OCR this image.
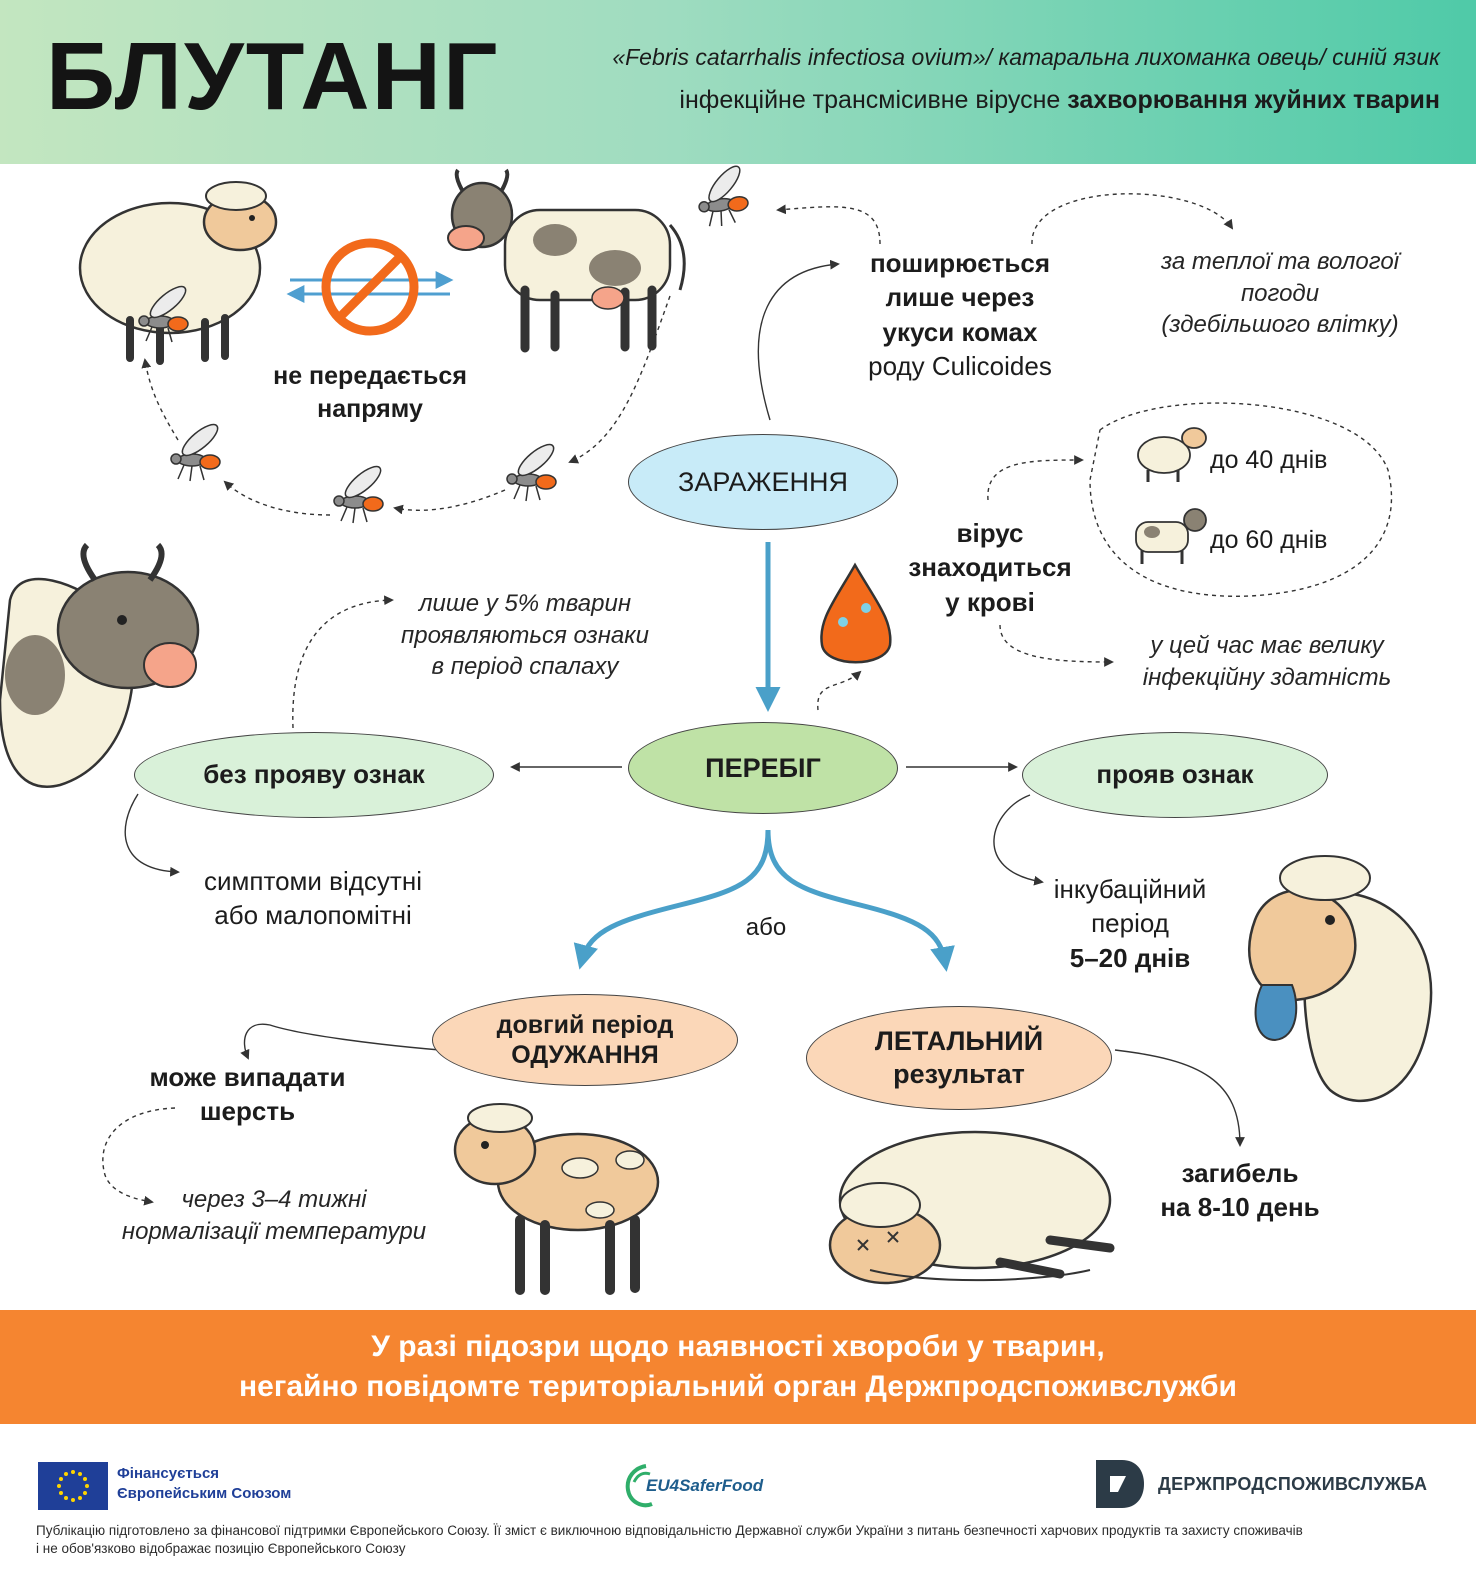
БЛУТАНГ	«Febris catarrhalis infectiosa ovium»/ катаральна лихоманка овець/ синій язик
інфекційне трансмісивне вірусне захворювання жуйних тварин
не передається
напряму
поширюється
лише через
укуси комах
роду Culicoides
за теплої та вологої
погоди
(здебільшого влітку)
ЗАРАЖЕННЯ
ПЕРЕБІГ
без прояву ознак	прояв ознак
довгий період
ОДУЖАННЯ	ЛЕТАЛЬНИЙ
результат
або
вірус
знаходиться
у крові
до 40 днів
до 60 днів
у цей час має велику
інфекційну здатність
лише у 5% тварин
проявляються ознаки
в період спалаху
симптоми відсутні
або малопомітні
інкубаційний
період
5–20 днів
може випадати
шерсть
через 3–4 тижні
нормалізації температури
загибель
на 8-10 день
У разі підозри щодо наявності хвороби у тварин,
негайно повідомте територіальний орган Держпродспоживслужби
Фінансується
Європейським Союзом	EU4SaferFood	ДЕРЖПРОДСПОЖИВСЛУЖБА
Публікацію підготовлено за фінансової підтримки Європейського Союзу. Її зміст є виключною відповідальністю Державної служби України з питань безпечності харчових продуктів та захисту споживачів
і не обов'язково відображає позицію Європейського Союзу
